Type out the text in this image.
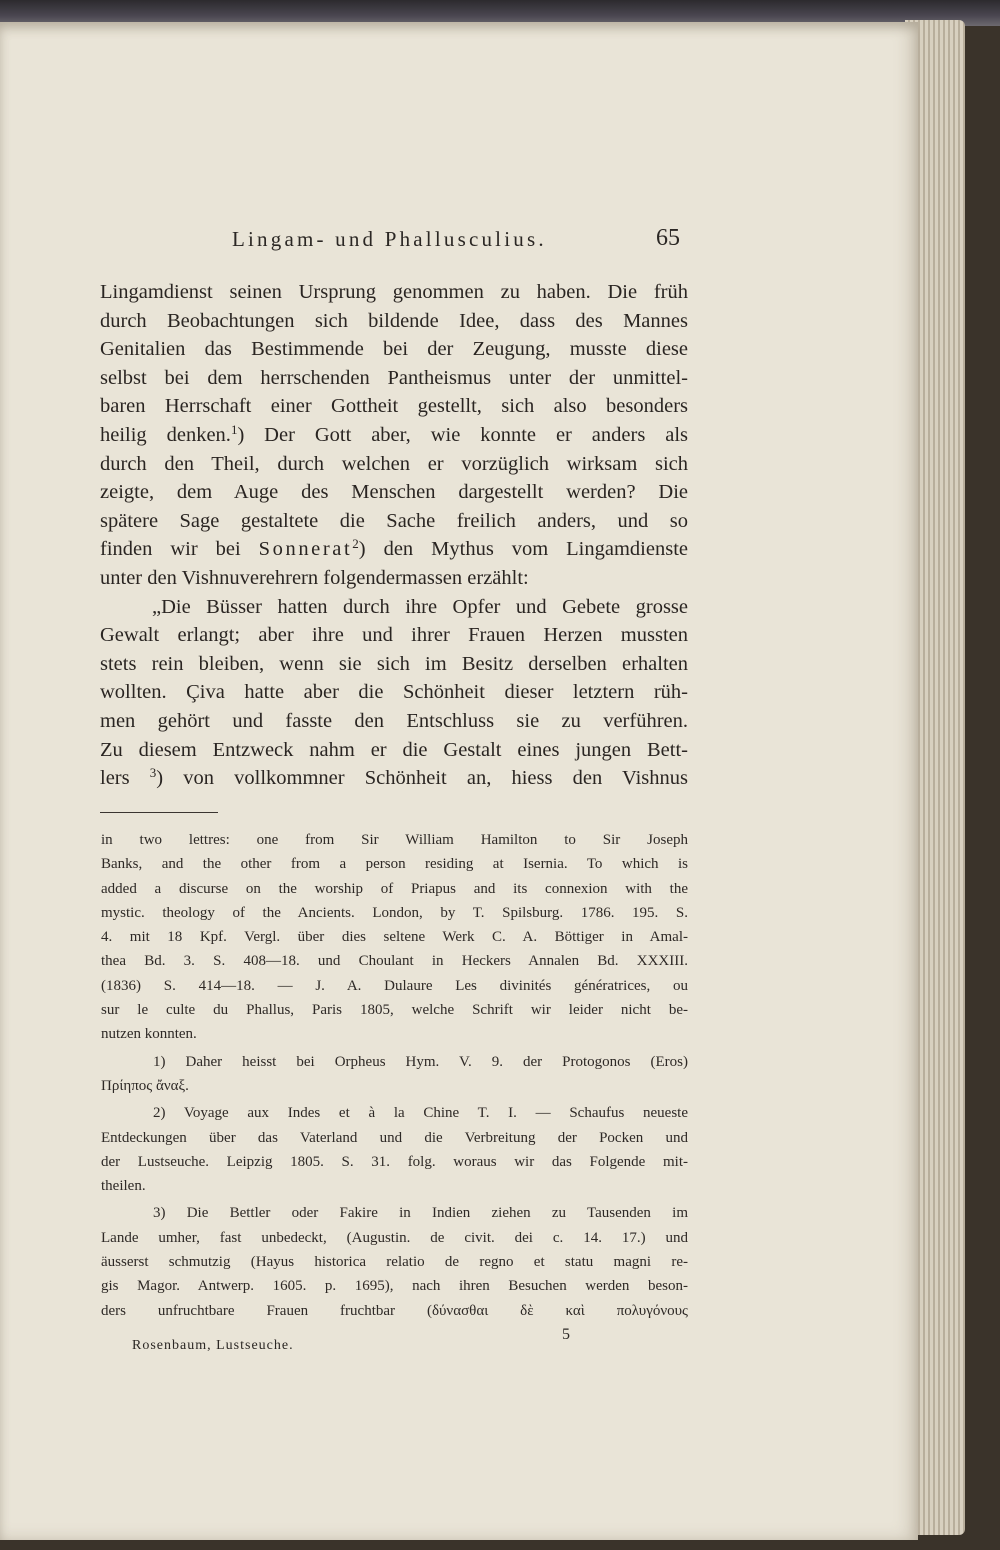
Lingam- und Phallusculius.	65
Lingamdienst seinen Ursprung genommen zu haben. Die früh
durch Beobachtungen sich bildende Idee, dass des Mannes
Genitalien das Bestimmende bei der Zeugung, musste diese
selbst bei dem herrschenden Pantheismus unter der unmittel-
baren Herrschaft einer Gottheit gestellt, sich also besonders
heilig denken.$^1$) Der Gott aber, wie konnte er anders als
durch den Theil, durch welchen er vorzüglich wirksam sich
zeigte, dem Auge des Menschen dargestellt werden? Die
spätere Sage gestaltete die Sache freilich anders, und so
finden wir bei Sonnerat$^2$) den Mythus vom Lingamdienste
unter den Vishnuverehrern folgendermassen erzählt:
„Die Büsser hatten durch ihre Opfer und Gebete grosse
Gewalt erlangt; aber ihre und ihrer Frauen Herzen mussten
stets rein bleiben, wenn sie sich im Besitz derselben erhalten
wollten. Çiva hatte aber die Schönheit dieser letztern rüh-
men gehört und fasste den Entschluss sie zu verführen.
Zu diesem Entzweck nahm er die Gestalt eines jungen Bett-
lers $^3$) von vollkommner Schönheit an, hiess den Vishnus
in two lettres: one from Sir William Hamilton to Sir Joseph
Banks, and the other from a person residing at Isernia. To which is
added a discurse on the worship of Priapus and its connexion with the
mystic. theology of the Ancients. London, by T. Spilsburg. 1786. 195. S.
4. mit 18 Kpf. Vergl. über dies seltene Werk C. A. Böttiger in Amal-
thea Bd. 3. S. 408—18. und Choulant in Heckers Annalen Bd. XXXIII.
(1836) S. 414—18. — J. A. Dulaure Les divinités génératrices, ou
sur le culte du Phallus, Paris 1805, welche Schrift wir leider nicht be-
nutzen konnten.
1) Daher heisst bei Orpheus Hym. V. 9. der Protogonos (Eros)
Πρίηπος ἄναξ.
2) Voyage aux Indes et à la Chine T. I. — Schaufus neueste
Entdeckungen über das Vaterland und die Verbreitung der Pocken und
der Lustseuche. Leipzig 1805. S. 31. folg. woraus wir das Folgende mit-
theilen.
3) Die Bettler oder Fakire in Indien ziehen zu Tausenden im
Lande umher, fast unbedeckt, (Augustin. de civit. dei c. 14. 17.) und
äusserst schmutzig (Hayus historica relatio de regno et statu magni re-
gis Magor. Antwerp. 1605. p. 1695), nach ihren Besuchen werden beson-
ders unfruchtbare Frauen fruchtbar (δύνασθαι δὲ καὶ πολυγόνους
Rosenbaum, Lustseuche.
5
